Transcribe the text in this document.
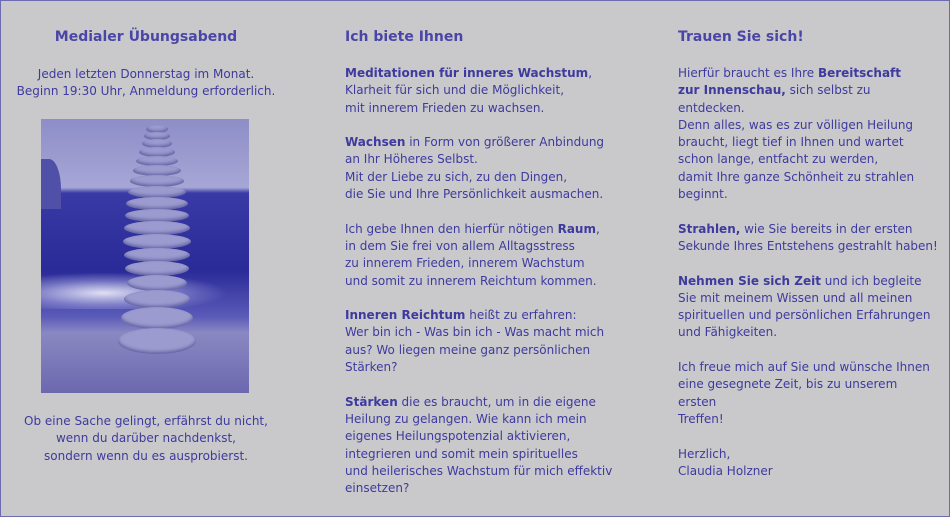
Medialer Übungsabend

Jeden letzten Donnerstag im Monat.

Beginn 19:30 Uhr, Anmeldung erforderlich.

Ob eine Sache gelingt, erfährst du nicht,

wenn du darüber nachdenkst,

sondern wenn du es ausprobierst.

Ich biete Ihnen

Meditationen für inneres Wachstum,
Klarheit für sich und die Möglichkeit,
mit innerem Frieden zu wachsen.

Wachsen in Form von größerer Anbindung
an Ihr Höheres Selbst.
Mit der Liebe zu sich, zu den Dingen,
die Sie und Ihre Persönlichkeit ausmachen.

Ich gebe Ihnen den hierfür nötigen Raum,
in dem Sie frei von allem Alltagsstress
zu innerem Frieden, innerem Wachstum
und somit zu innerem Reichtum kommen.

Inneren Reichtum heißt zu erfahren:
Wer bin ich - Was bin ich - Was macht mich
aus? Wo liegen meine ganz persönlichen
Stärken?

Stärken die es braucht, um in die eigene
Heilung zu gelangen. Wie kann ich mein
eigenes Heilungspotenzial aktivieren,
integrieren und somit mein spirituelles
und heilerisches Wachstum für mich effektiv
einsetzen?

Trauen Sie sich!

Hierfür braucht es Ihre Bereitschaft
zur Innenschau, sich selbst zu entdecken.
Denn alles, was es zur völligen Heilung
braucht, liegt tief in Ihnen und wartet
schon lange, entfacht zu werden,
damit Ihre ganze Schönheit zu strahlen
beginnt.

Strahlen, wie Sie bereits in der ersten
Sekunde Ihres Entstehens gestrahlt haben!

Nehmen Sie sich Zeit und ich begleite
Sie mit meinem Wissen und all meinen
spirituellen und persönlichen Erfahrungen
und Fähigkeiten.

Ich freue mich auf Sie und wünsche Ihnen
eine gesegnete Zeit, bis zu unserem ersten
Treffen!

Herzlich,

Claudia Holzner
